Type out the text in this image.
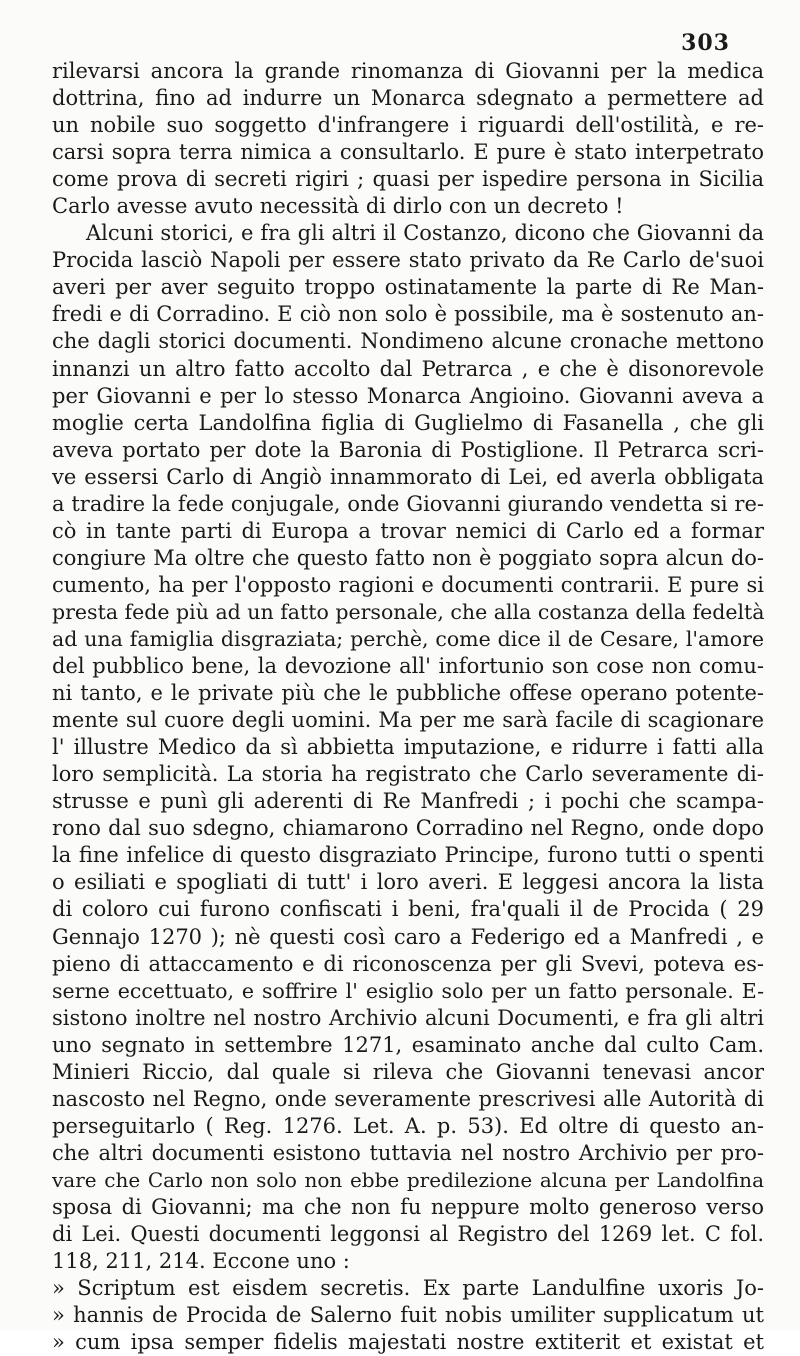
303
rilevarsi ancora la grande rinomanza di Giovanni per la medica
dottrina, fino ad indurre un Monarca sdegnato a permettere ad
un nobile suo soggetto d'infrangere i riguardi dell'ostilità, e re-
carsi sopra terra nimica a consultarlo. E pure è stato interpetrato
come prova di secreti rigiri ; quasi per ispedire persona in Sicilia
Carlo avesse avuto necessità di dirlo con un decreto !
Alcuni storici, e fra gli altri il Costanzo, dicono che Giovanni da
Procida lasciò Napoli per essere stato privato da Re Carlo de'suoi
averi per aver seguito troppo ostinatamente la parte di Re Man-
fredi e di Corradino. E ciò non solo è possibile, ma è sostenuto an-
che dagli storici documenti. Nondimeno alcune cronache mettono
innanzi un altro fatto accolto dal Petrarca , e che è disonorevole
per Giovanni e per lo stesso Monarca Angioino. Giovanni aveva a
moglie certa Landolfina figlia di Guglielmo di Fasanella , che gli
aveva portato per dote la Baronia di Postiglione. Il Petrarca scri-
ve essersi Carlo di Angiò innammorato di Lei, ed averla obbligata
a tradire la fede conjugale, onde Giovanni giurando vendetta si re-
cò in tante parti di Europa a trovar nemici di Carlo ed a formar
congiure Ma oltre che questo fatto non è poggiato sopra alcun do-
cumento, ha per l'opposto ragioni e documenti contrarii. E pure si
presta fede più ad un fatto personale, che alla costanza della fedeltà
ad una famiglia disgraziata; perchè, come dice il de Cesare, l'amore
del pubblico bene, la devozione all' infortunio son cose non comu-
ni tanto, e le private più che le pubbliche offese operano potente-
mente sul cuore degli uomini. Ma per me sarà facile di scagionare
l' illustre Medico da sì abbietta imputazione, e ridurre i fatti alla
loro semplicità. La storia ha registrato che Carlo severamente di-
strusse e punì gli aderenti di Re Manfredi ; i pochi che scampa-
rono dal suo sdegno, chiamarono Corradino nel Regno, onde dopo
la fine infelice di questo disgraziato Principe, furono tutti o spenti
o esiliati e spogliati di tutt' i loro averi. E leggesi ancora la lista
di coloro cui furono confiscati i beni, fra'quali il de Procida ( 29
Gennajo 1270 ); nè questi così caro a Federigo ed a Manfredi , e
pieno di attaccamento e di riconoscenza per gli Svevi, poteva es-
serne eccettuato, e soffrire l' esiglio solo per un fatto personale. E-
sistono inoltre nel nostro Archivio alcuni Documenti, e fra gli altri
uno segnato in settembre 1271, esaminato anche dal culto Cam.
Minieri Riccio, dal quale si rileva che Giovanni tenevasi ancor
nascosto nel Regno, onde severamente prescrivesi alle Autorità di
perseguitarlo ( Reg. 1276. Let. A. p. 53). Ed oltre di questo an-
che altri documenti esistono tuttavia nel nostro Archivio per pro-
vare che Carlo non solo non ebbe predilezione alcuna per Landolfina
sposa di Giovanni; ma che non fu neppure molto generoso verso
di Lei. Questi documenti leggonsi al Registro del 1269 let. C fol.
118, 211, 214. Eccone uno :
» Scriptum est eisdem secretis. Ex parte Landulfine uxoris Jo-
» hannis de Procida de Salerno fuit nobis umiliter supplicatum ut
» cum ipsa semper fidelis majestati nostre extiterit et existat et
